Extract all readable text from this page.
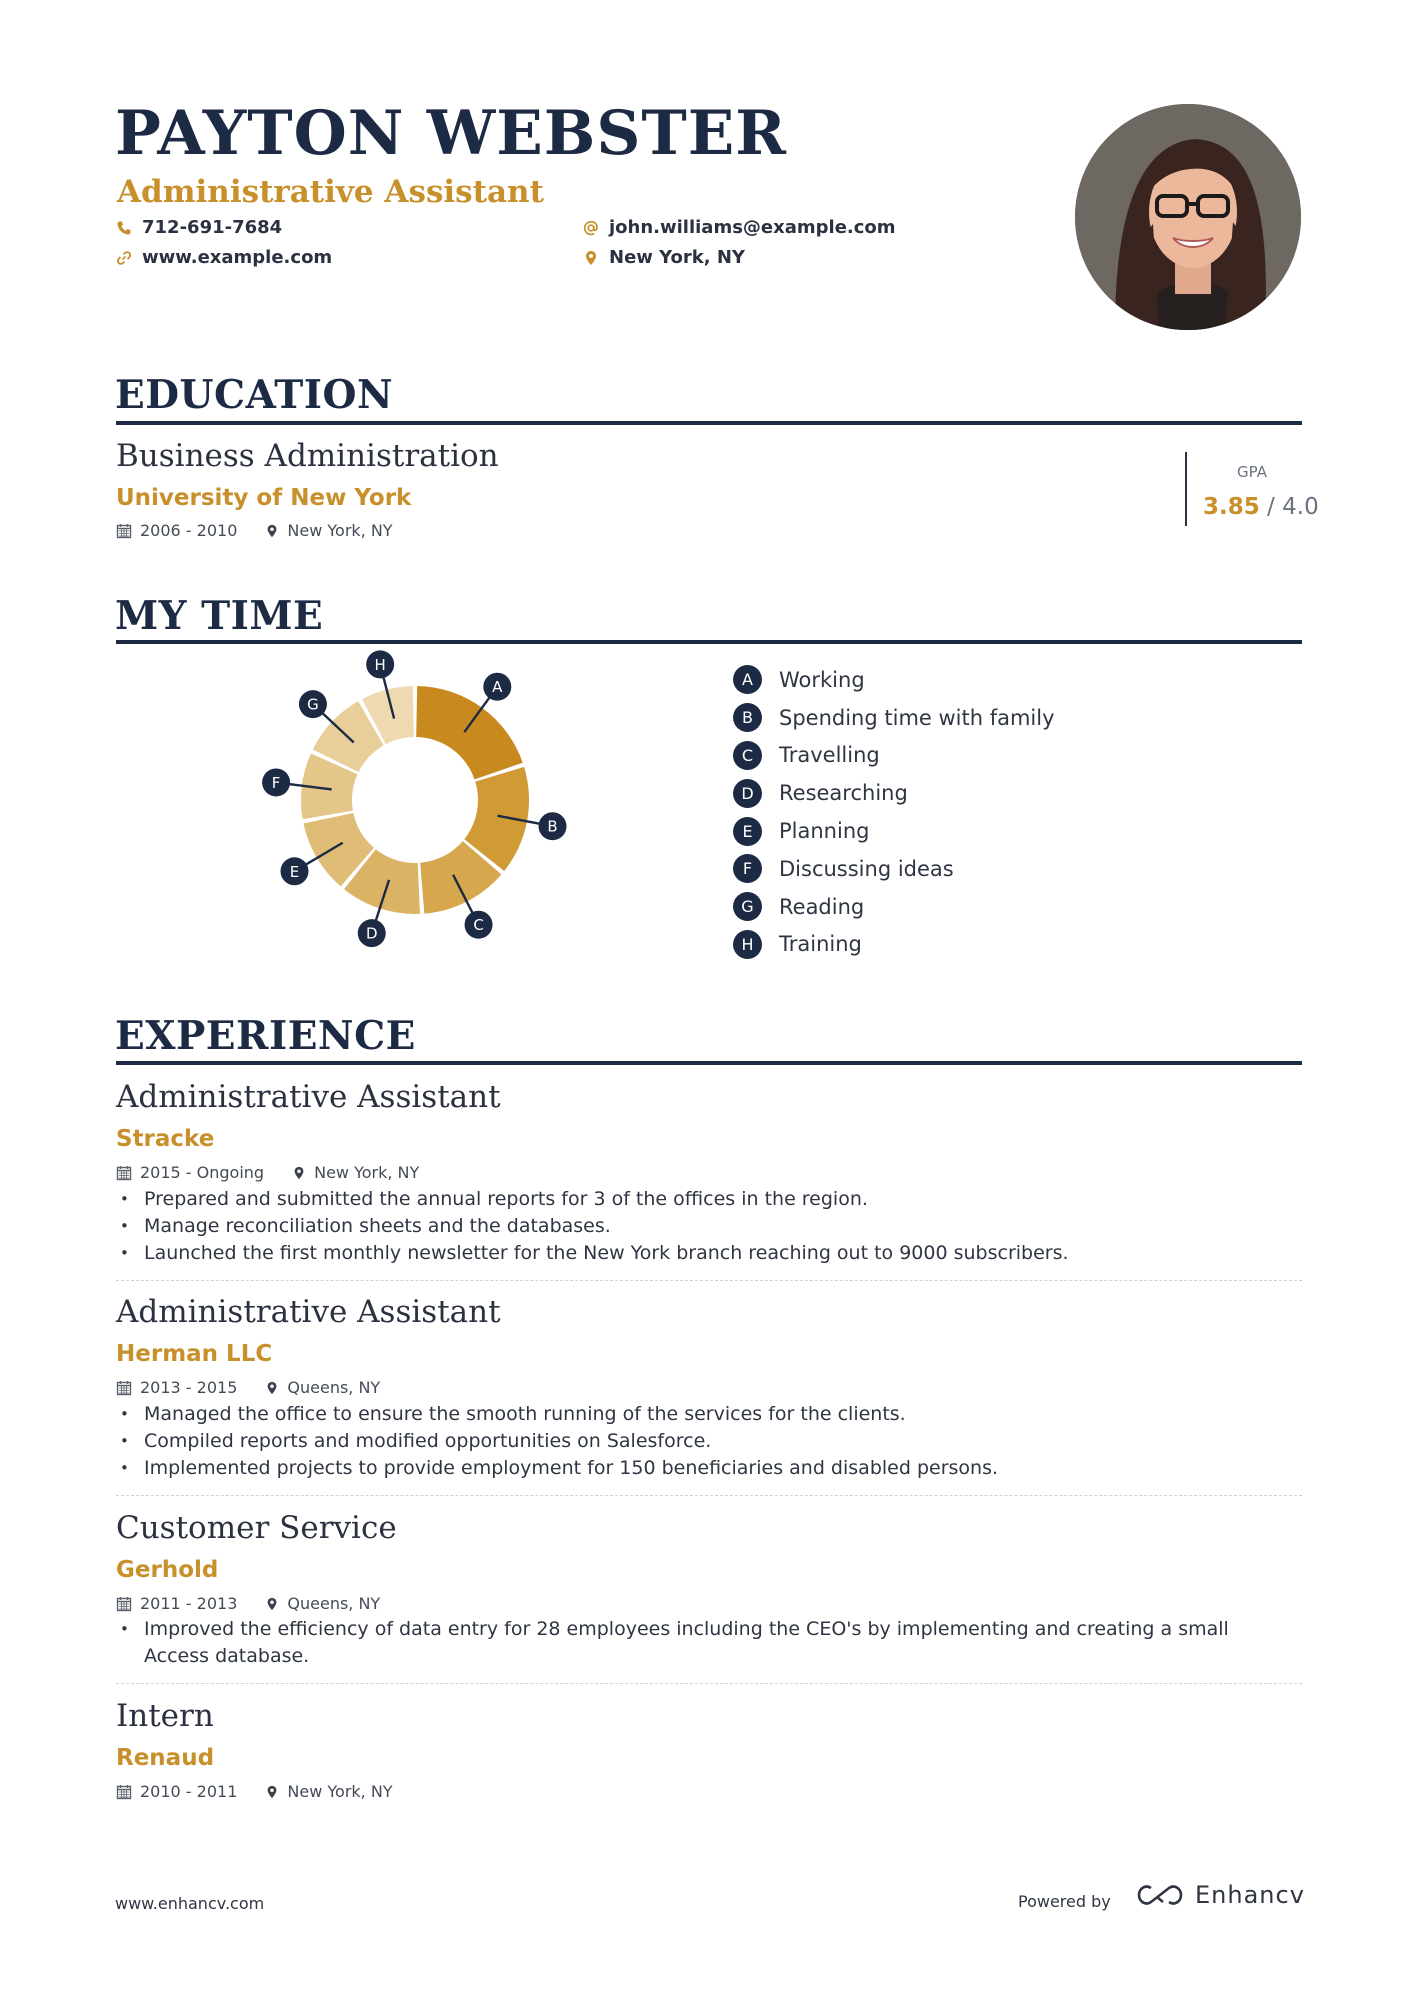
PAYTON WEBSTER
Administrative Assistant
712-691-7684
www.example.com
john.williams@example.com
New York, NY
EDUCATION
Business Administration
University of New York
2006 - 2010	New York, NY
GPA
3.85 / 4.0
MY TIME
A
B
C
D
E
F
G
H
A	Working
B	Spending time with family
C	Travelling
D	Researching
E	Planning
F	Discussing ideas
G	Reading
H	Training
EXPERIENCE
Administrative Assistant
Stracke
2015 - Ongoing	New York, NY
• Prepared and submitted the annual reports for 3 of the offices in the region.
• Manage reconciliation sheets and the databases.
• Launched the first monthly newsletter for the New York branch reaching out to 9000 subscribers.
Administrative Assistant
Herman LLC
2013 - 2015	Queens, NY
• Managed the office to ensure the smooth running of the services for the clients.
• Compiled reports and modified opportunities on Salesforce.
• Implemented projects to provide employment for 150 beneficiaries and disabled persons.
Customer Service
Gerhold
2011 - 2013	Queens, NY
• Improved the efficiency of data entry for 28 employees including the CEO's by implementing and creating a small Access database.
Intern
Renaud
2010 - 2011	New York, NY
www.enhancv.com	Powered by	Enhancv
